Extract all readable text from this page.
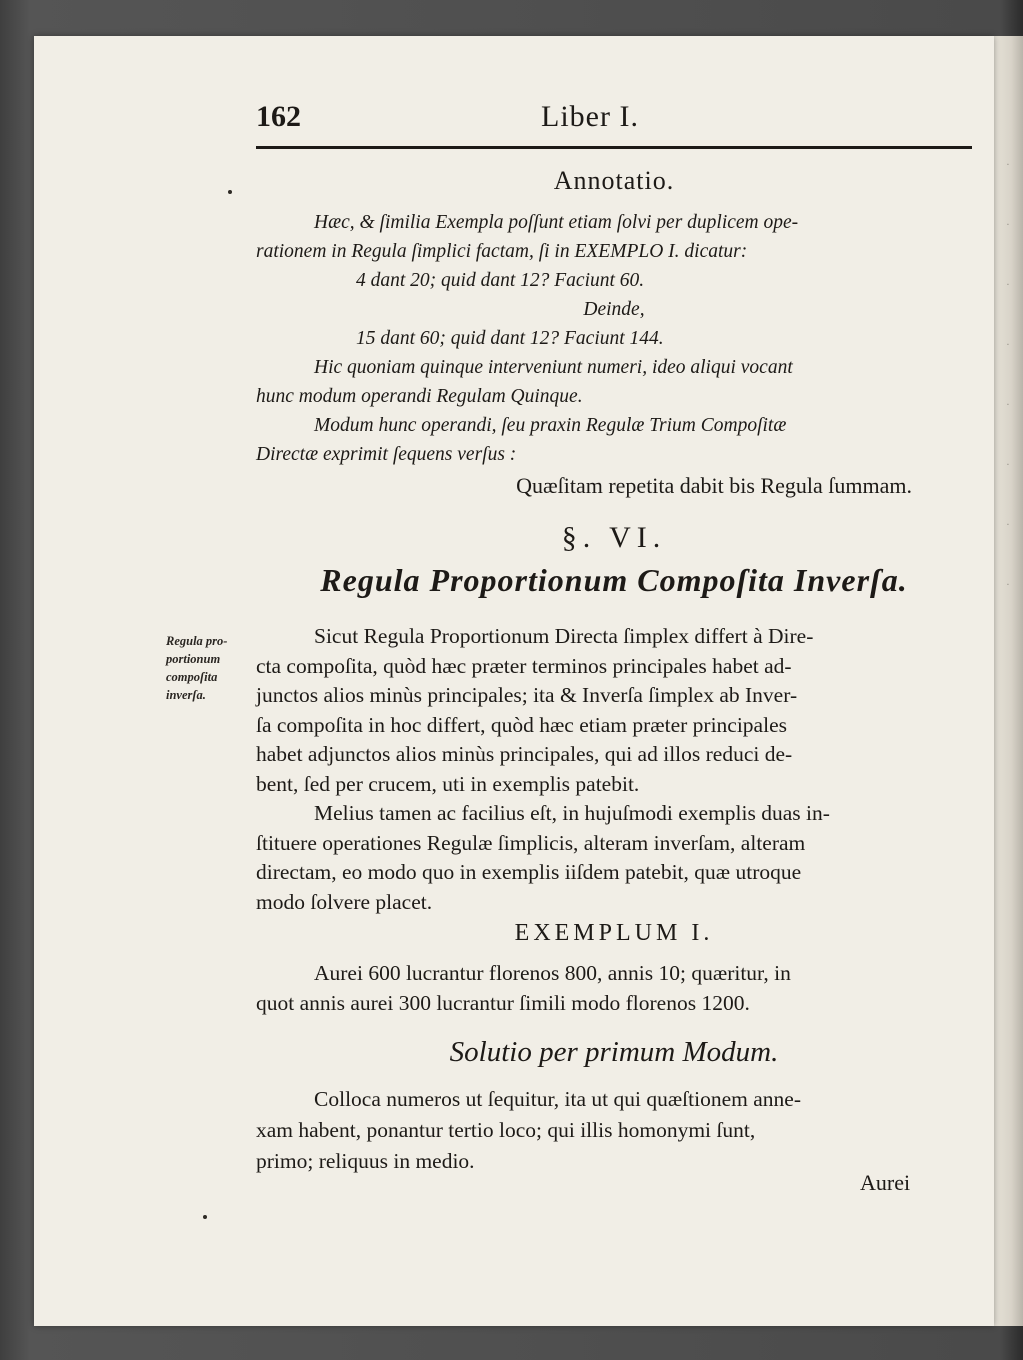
·
·
·
·
·
·
·
·
162	Liber I.
Annotatio.

Hæc, & ſimilia Exempla poſſunt etiam ſolvi per duplicem ope-

rationem in Regula ſimplici factam, ſi in EXEMPLO I. dicatur:

4 dant 20; quid dant 12? Faciunt 60.

Deinde,

15 dant 60; quid dant 12? Faciunt 144.

Hic quoniam quinque interveniunt numeri, ideo aliqui vocant

hunc modum operandi Regulam Quinque.

Modum hunc operandi, ſeu praxin Regulæ Trium Compoſitæ

Directæ exprimit ſequens verſus :

Quæſitam repetita dabit bis Regula ſummam.
§. VI.
Regula Proportionum Compoſita Inverſa.
Regula pro-
portionum
compoſita
inverſa.

Sicut Regula Proportionum Directa ſimplex differt à Dire-

cta compoſita, quòd hæc præter terminos principales habet ad-

junctos alios minùs principales; ita & Inverſa ſimplex ab Inver-

ſa compoſita in hoc differt, quòd hæc etiam præter principales

habet adjunctos alios minùs principales, qui ad illos reduci de-

bent, ſed per crucem, uti in exemplis patebit.

Melius tamen ac facilius eſt, in hujuſmodi exemplis duas in-

ſtituere operationes Regulæ ſimplicis, alteram inverſam, alteram

directam, eo modo quo in exemplis iiſdem patebit, quæ utroque

modo ſolvere placet.

EXEMPLUM I.

Aurei 600 lucrantur florenos 800, annis 10; quæritur, in

quot annis aurei 300 lucrantur ſimili modo florenos 1200.

Solutio per primum Modum.

Colloca numeros ut ſequitur, ita ut qui quæſtionem anne-

xam habent, ponantur tertio loco; qui illis homonymi ſunt,

primo; reliquus in medio.

Aurei
